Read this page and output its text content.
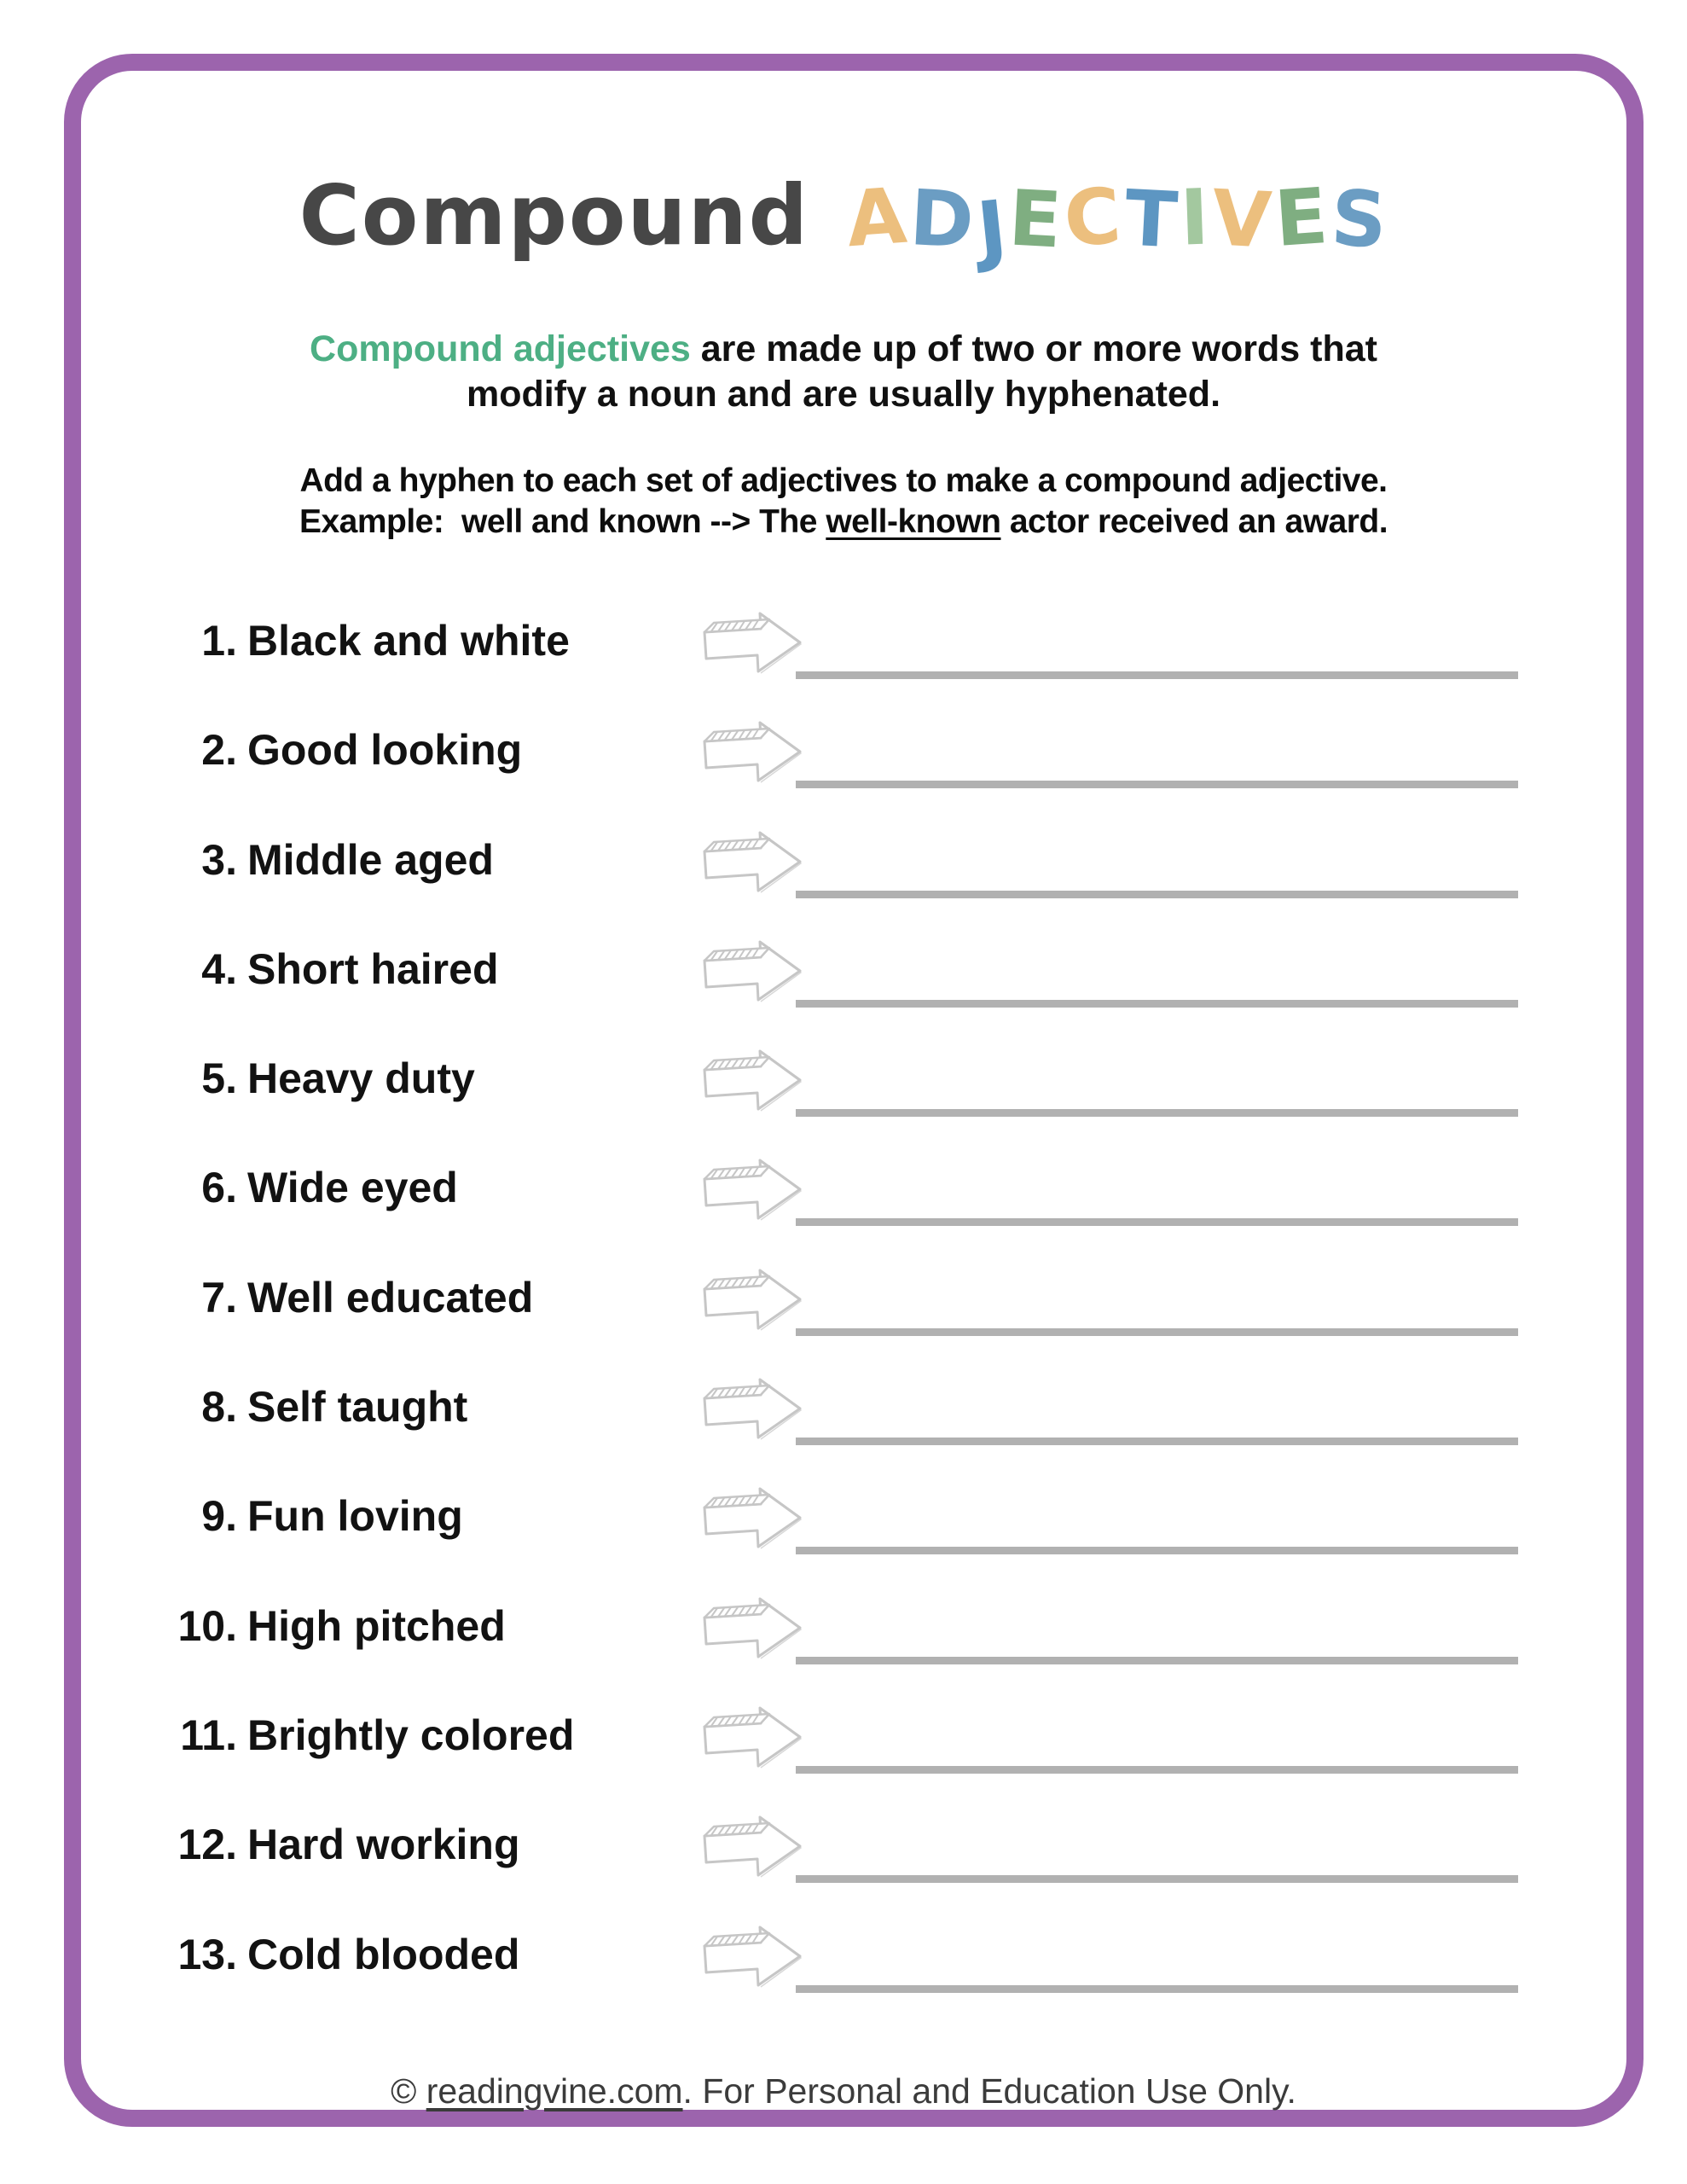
Compound A
D
J
E
C
T I V
E
S
Compound adjectives are made up of two or more words that
modify a noun and are usually hyphenated.
Add a hyphen to each set of adjectives to make a compound adjective.
Example:  well and known --> The well-known actor received an award.
1. Black and white
2. Good looking
3. Middle aged
4. Short haired
5. Heavy duty
6. Wide eyed
7. Well educated
8. Self taught
9. Fun loving
10. High pitched
11. Brightly colored
12. Hard working
13. Cold blooded
© readingvine.com. For Personal and Education Use Only.
